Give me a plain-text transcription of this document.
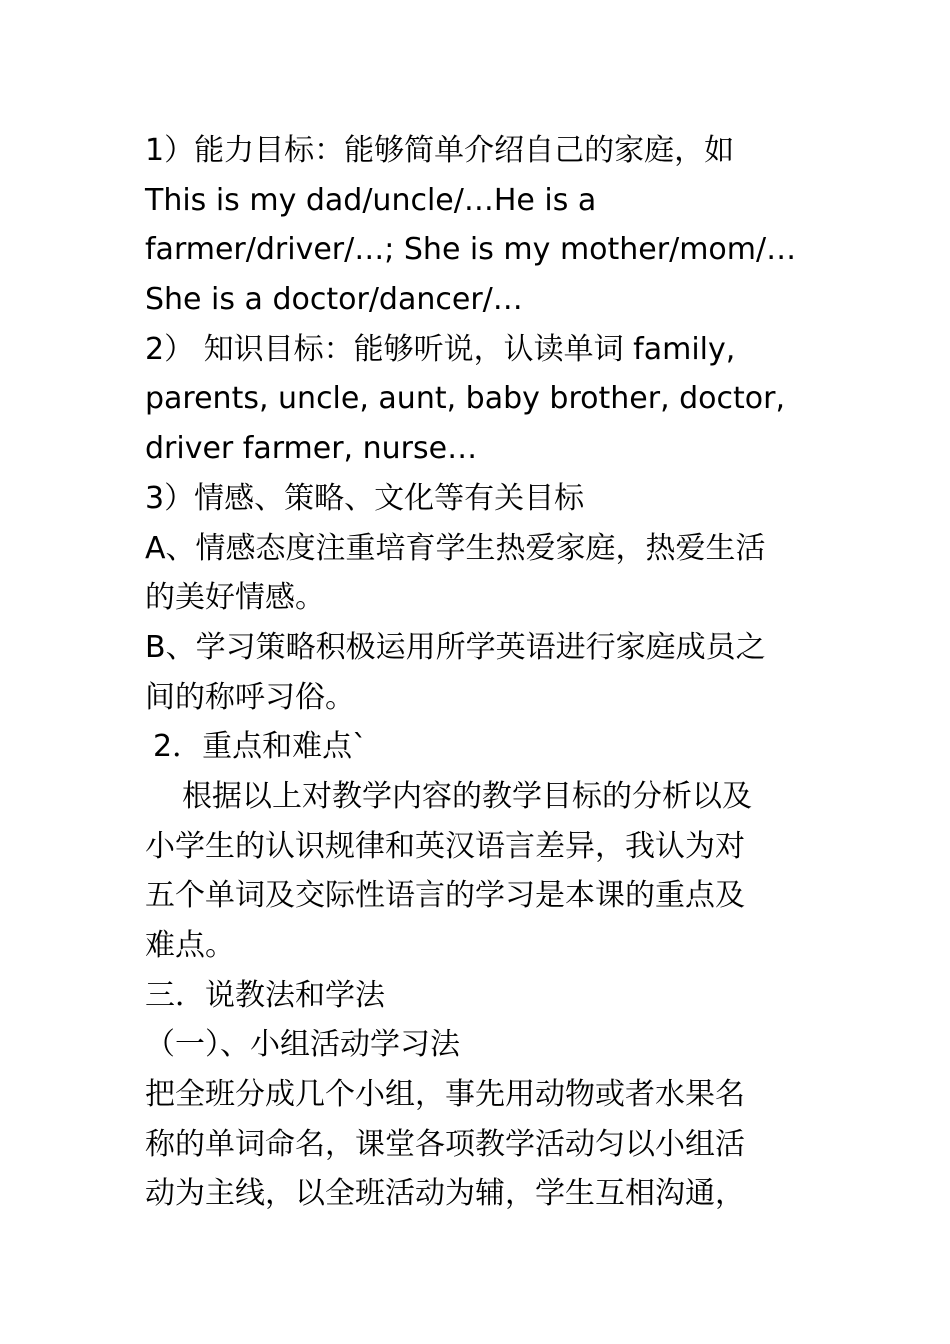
1）能力目标：能够简单介绍自己的家庭，如
This is my dad/uncle/…He is a
farmer/driver/…; She is my mother/mom/…
She is a doctor/dancer/…
2） 知识目标：能够听说，认读单词 family,
parents, uncle, aunt, baby brother, doctor,
driver farmer, nurse…
3）情感、策略、文化等有关目标
A、情感态度注重培育学生热爱家庭，热爱生活
的美好情感。
B、学习策略积极运用所学英语进行家庭成员之
间的称呼习俗。
2．重点和难点`
根据以上对教学内容的教学目标的分析以及
小学生的认识规律和英汉语言差异，我认为对
五个单词及交际性语言的学习是本课的重点及
难点。
三．说教法和学法
（一）、小组活动学习法
把全班分成几个小组，事先用动物或者水果名
称的单词命名，课堂各项教学活动匀以小组活
动为主线，以全班活动为辅，学生互相沟通，
